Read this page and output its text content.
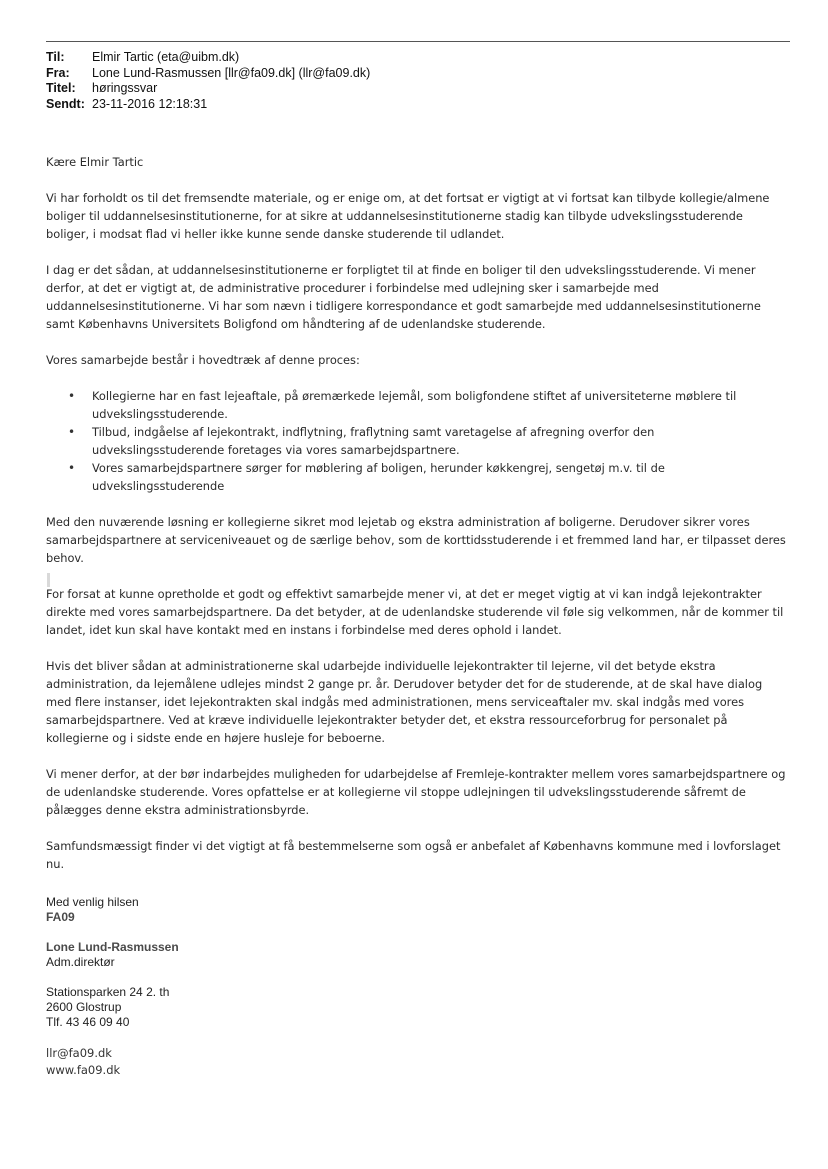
Til:	Elmir Tartic (eta@uibm.dk)
Fra:	Lone Lund-Rasmussen [llr@fa09.dk] (llr@fa09.dk)
Titel:	høringssvar
Sendt: 23-11-2016 12:18:31

Kære Elmir Tartic

Vi har forholdt os til det fremsendte materiale, og er enige om, at det fortsat er vigtigt at vi fortsat kan tilbyde kollegie/almene boliger til uddannelsesinstitutionerne, for at sikre at uddannelsesinstitutionerne stadig kan tilbyde udvekslingsstuderende boliger, i modsat flad vi heller ikke kunne sende danske studerende til udlandet.

I dag er det sådan, at uddannelsesinstitutionerne er forpligtet til at finde en boliger til den udvekslingsstuderende. Vi mener derfor, at det er vigtigt at, de administrative procedurer i forbindelse med udlejning sker i samarbejde med uddannelsesinstitutionerne. Vi har som nævn i tidligere korrespondance et godt samarbejde med uddannelsesinstitutionerne samt Københavns Universitets Boligfond om håndtering af de udenlandske studerende.

Vores samarbejde består i hovedtræk af denne proces:

• Kollegierne har en fast lejeaftale, på øremærkede lejemål, som boligfondene stiftet af universiteterne møblere til udvekslingsstuderende.
• Tilbud, indgåelse af lejekontrakt, indflytning, fraflytning samt varetagelse af afregning overfor den udvekslingsstuderende foretages via vores samarbejdspartnere.
• Vores samarbejdspartnere sørger for møblering af boligen, herunder køkkengrej, sengetøj m.v. til de udvekslingsstuderende

Med den nuværende løsning er kollegierne sikret mod lejetab og ekstra administration af boligerne. Derudover sikrer vores samarbejdspartnere at serviceniveauet og de særlige behov, som de korttidsstuderende i et fremmed land har, er tilpasset deres behov.

For forsat at kunne opretholde et godt og effektivt samarbejde mener vi, at det er meget vigtig at vi kan indgå lejekontrakter direkte med vores samarbejdspartnere. Da det betyder, at de udenlandske studerende vil føle sig velkommen, når de kommer til landet, idet kun skal have kontakt med en instans i forbindelse med deres ophold i landet.

Hvis det bliver sådan at administrationerne skal udarbejde individuelle lejekontrakter til lejerne, vil det betyde ekstra administration, da lejemålene udlejes mindst 2 gange pr. år. Derudover betyder det for de studerende, at de skal have dialog med flere instanser, idet lejekontrakten skal indgås med administrationen, mens serviceaftaler mv. skal indgås med vores samarbejdspartnere. Ved at kræve individuelle lejekontrakter betyder det, et ekstra ressourceforbrug for personalet på kollegierne og i sidste ende en højere husleje for beboerne.

Vi mener derfor, at der bør indarbejdes muligheden for udarbejdelse af Fremleje-kontrakter mellem vores samarbejdspartnere og de udenlandske studerende. Vores opfattelse er at kollegierne vil stoppe udlejningen til udvekslingsstuderende såfremt de pålægges denne ekstra administrationsbyrde.

Samfundsmæssigt finder vi det vigtigt at få bestemmelserne som også er anbefalet af Københavns kommune med i lovforslaget nu.

Med venlig hilsen
FA09
Lone Lund-Rasmussen
Adm.direktør
Stationsparken 24 2. th
2600 Glostrup
Tlf. 43 46 09 40
llr@fa09.dk
www.fa09.dk
